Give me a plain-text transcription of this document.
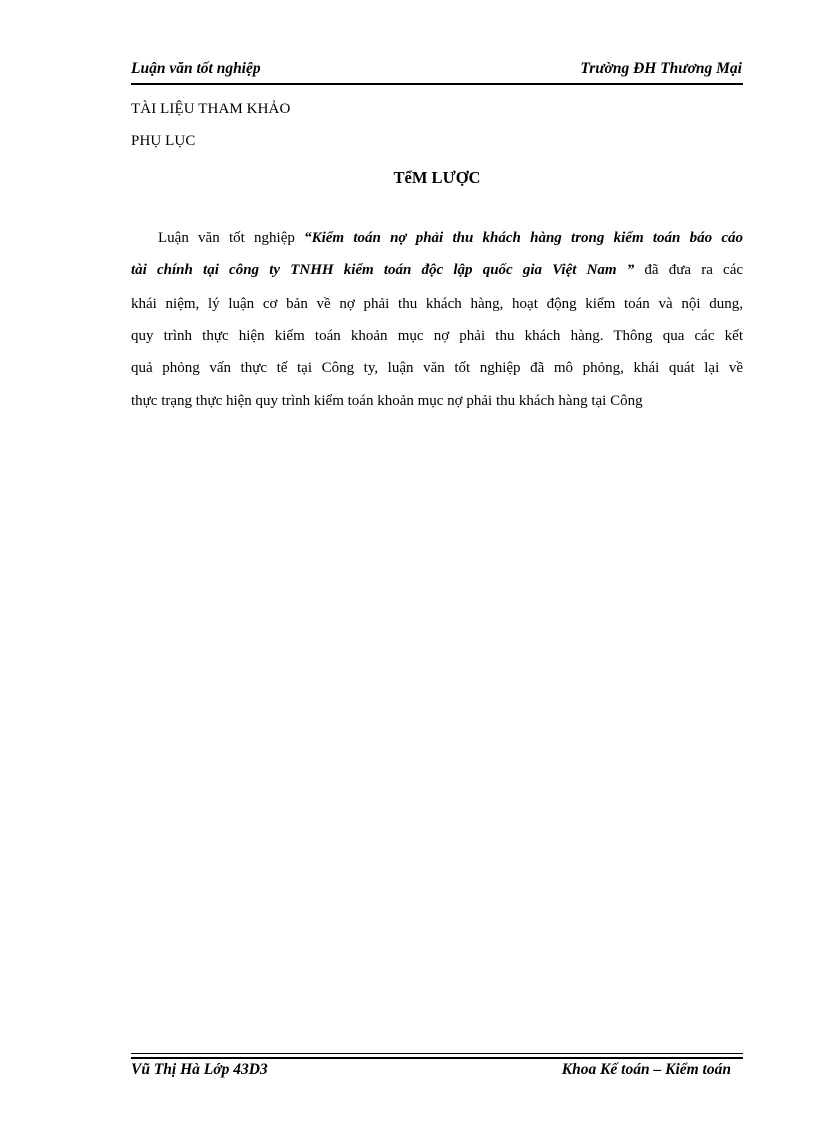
Luận văn tốt nghiệp	Trường ĐH Thương Mại
TÀI LIỆU THAM KHẢO
PHỤ LỤC
TểM LƯỢC
Luận văn tốt nghiệp “Kiểm toán nợ phải thu khách hàng trong kiểm toán báo cáo
tài chính tại công ty TNHH kiểm toán độc lập quốc gia Việt Nam ” đã đưa ra các
khái niệm, lý luận cơ bản về nợ phải thu khách hàng, hoạt động kiểm toán và nội dung,
quy trình thực hiện kiểm toán khoản mục nợ phải thu khách hàng. Thông qua các kết
quả phỏng vấn thực tế tại Công ty, luận văn tốt nghiệp đã mô phỏng, khái quát lại về
thực trạng thực hiện quy trình kiểm toán khoản mục nợ phải thu khách hàng tại Công
Vũ Thị Hà Lớp 43D3	Khoa Kế toán – Kiểm toán
